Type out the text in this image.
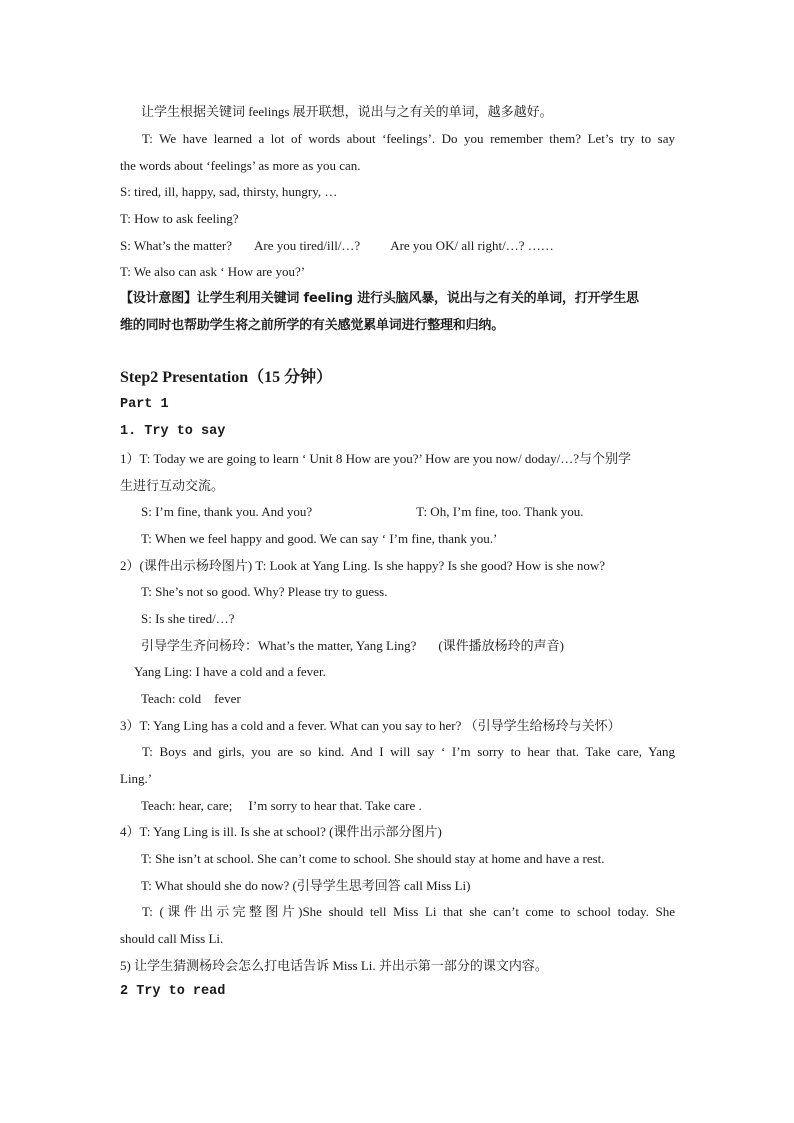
让学生根据关键词 feelings 展开联想，说出与之有关的单词，越多越好。
T: We have learned a lot of words about ‘feelings’. Do you remember them? Let’s try to say
the words about ‘feelings’ as more as you can.
S: tired, ill, happy, sad, thirsty, hungry, …
T: How to ask feeling?
S: What’s the matter? Are you tired/ill/…? Are you OK/ all right/…? ……
T: We also can ask ‘ How are you?’
【设计意图】让学生利用关键词 feeling 进行头脑风暴，说出与之有关的单词，打开学生思
维的同时也帮助学生将之前所学的有关感觉累单词进行整理和归纳。
Step2 Presentation（15 分钟）
Part 1
1. Try to say
1）T: Today we are going to learn ‘ Unit 8 How are you?’ How are you now/ doday/…?与个别学
生进行互动交流。
S: I’m fine, thank you. And you?	T: Oh, I’m fine, too. Thank you.
T: When we feel happy and good. We can say ‘ I’m fine, thank you.’
2）(课件出示杨玲图片) T: Look at Yang Ling. Is she happy? Is she good? How is she now?
T: She’s not so good. Why? Please try to guess.
S: Is she tired/…?
引导学生齐问杨玲：What’s the matter, Yang Ling? (课件播放杨玲的声音)
Yang Ling: I have a cold and a fever.
Teach: cold    fever
3）T: Yang Ling has a cold and a fever. What can you say to her? （引导学生给杨玲与关怀）
T: Boys and girls, you are so kind. And I will say ‘ I’m sorry to hear that. Take care, Yang
Ling.’
Teach: hear, care;     I’m sorry to hear that. Take care .
4）T: Yang Ling is ill. Is she at school? (课件出示部分图片)
T: She isn’t at school. She can’t come to school. She should stay at home and have a rest.
T: What should she do now? (引导学生思考回答 call Miss Li)
T: (课件出示完整图片)She should tell Miss Li that she can’t come to school today. She
should call Miss Li.
5) 让学生猜测杨玲会怎么打电话告诉 Miss Li. 并出示第一部分的课文内容。
2 Try to read
